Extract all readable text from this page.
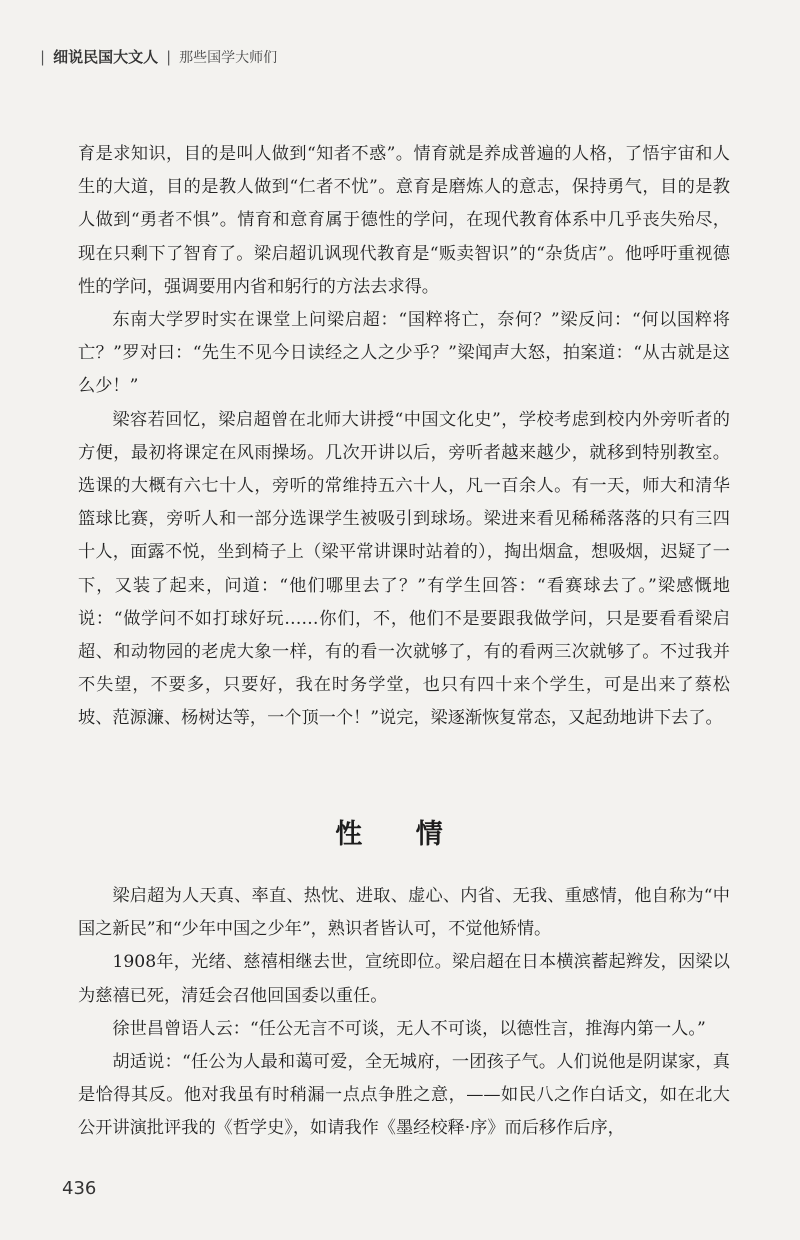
| 细说民国大文人 | 那些国学大师们

育是求知识，目的是叫人做到“知者不惑”。情育就是养成普遍的人格，了悟宇宙和人生的大道，目的是教人做到“仁者不忧”。意育是磨炼人的意志，保持勇气，目的是教人做到“勇者不惧”。情育和意育属于德性的学问，在现代教育体系中几乎丧失殆尽，现在只剩下了智育了。梁启超讥讽现代教育是“贩卖智识”的“杂货店”。他呼吁重视德性的学问，强调要用内省和躬行的方法去求得。

东南大学罗时实在课堂上问梁启超：“国粹将亡，奈何？”梁反问：“何以国粹将亡？”罗对曰：“先生不见今日读经之人之少乎？”梁闻声大怒，拍案道：“从古就是这么少！”

梁容若回忆，梁启超曾在北师大讲授“中国文化史”，学校考虑到校内外旁听者的方便，最初将课定在风雨操场。几次开讲以后，旁听者越来越少，就移到特别教室。选课的大概有六七十人，旁听的常维持五六十人，凡一百余人。有一天，师大和清华篮球比赛，旁听人和一部分选课学生被吸引到球场。梁进来看见稀稀落落的只有三四十人，面露不悦，坐到椅子上（梁平常讲课时站着的），掏出烟盒，想吸烟，迟疑了一下，又装了起来，问道：“他们哪里去了？”有学生回答：“看赛球去了。”梁感慨地说：“做学问不如打球好玩……你们，不，他们不是要跟我做学问，只是要看看梁启超、和动物园的老虎大象一样，有的看一次就够了，有的看两三次就够了。不过我并不失望，不要多，只要好，我在时务学堂，也只有四十来个学生，可是出来了蔡松坡、范源濂、杨树达等，一个顶一个！”说完，梁逐渐恢复常态，又起劲地讲下去了。

性 情

梁启超为人天真、率直、热忱、进取、虚心、内省、无我、重感情，他自称为“中国之新民”和“少年中国之少年”，熟识者皆认可，不觉他矫情。

1908年，光绪、慈禧相继去世，宣统即位。梁启超在日本横滨蓄起辫发，因梁以为慈禧已死，清廷会召他回国委以重任。

徐世昌曾语人云：“任公无言不可谈，无人不可谈，以德性言，推海内第一人。”

胡适说：“任公为人最和蔼可爱，全无城府，一团孩子气。人们说他是阴谋家，真是恰得其反。他对我虽有时稍漏一点点争胜之意，——如民八之作白话文，如在北大公开讲演批评我的《哲学史》，如请我作《墨经校释·序》而后移作后序，

436
